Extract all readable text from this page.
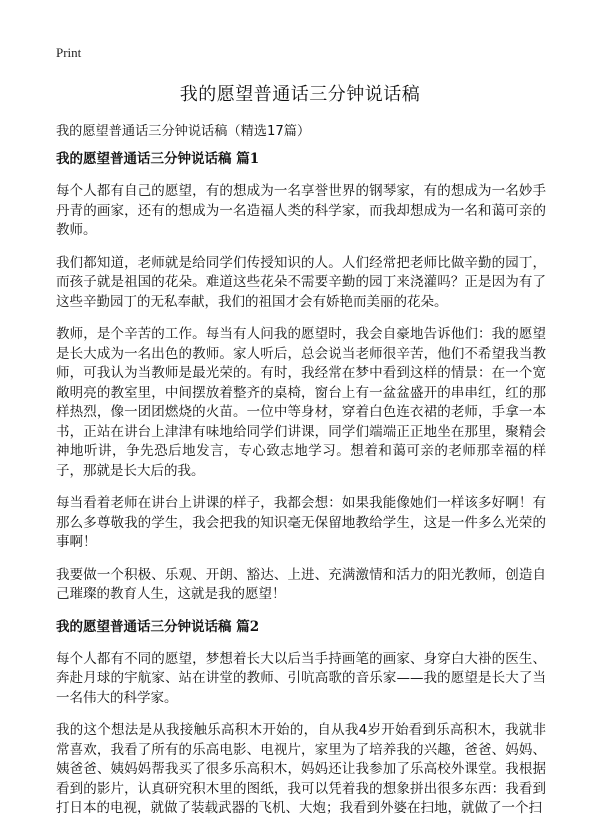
Print
我的愿望普通话三分钟说话稿
我的愿望普通话三分钟说话稿（精选17篇）
我的愿望普通话三分钟说话稿 篇1

每个人都有自己的愿望，有的想成为一名享誉世界的钢琴家，有的想成为一名妙手丹青的画家，还有的想成为一名造福人类的科学家，而我却想成为一名和蔼可亲的教师。

我们都知道，老师就是给同学们传授知识的人。人们经常把老师比做辛勤的园丁，而孩子就是祖国的花朵。难道这些花朵不需要辛勤的园丁来浇灌吗？正是因为有了这些辛勤园丁的无私奉献，我们的祖国才会有娇艳而美丽的花朵。

教师，是个辛苦的工作。每当有人问我的愿望时，我会自豪地告诉他们：我的愿望是长大成为一名出色的教师。家人听后，总会说当老师很辛苦，他们不希望我当教师，可我认为当教师是最光荣的。有时，我经常在梦中看到这样的情景：在一个宽敞明亮的教室里，中间摆放着整齐的桌椅，窗台上有一盆盆盛开的串串红，红的那样热烈，像一团团燃烧的火苗。一位中等身材，穿着白色连衣裙的老师，手拿一本书，正站在讲台上津津有味地给同学们讲课，同学们端端正正地坐在那里，聚精会神地听讲，争先恐后地发言，专心致志地学习。想着和蔼可亲的老师那幸福的样子，那就是长大后的我。

每当看着老师在讲台上讲课的样子，我都会想：如果我能像她们一样该多好啊！有那么多尊敬我的学生，我会把我的知识毫无保留地教给学生，这是一件多么光荣的事啊！

我要做一个积极、乐观、开朗、豁达、上进、充满激情和活力的阳光教师，创造自己璀璨的教育人生，这就是我的愿望！

我的愿望普通话三分钟说话稿 篇2

每个人都有不同的愿望，梦想着长大以后当手持画笔的画家、身穿白大褂的医生、奔赴月球的宇航家、站在讲堂的教师、引吭高歌的音乐家——我的愿望是长大了当一名伟大的科学家。

我的这个想法是从我接触乐高积木开始的，自从我4岁开始看到乐高积木，我就非常喜欢，我看了所有的乐高电影、电视片，家里为了培养我的兴趣，爸爸、妈妈、姨爸爸、姨妈妈帮我买了很多乐高积木，妈妈还让我参加了乐高校外课堂。我根据看到的影片，认真研究积木里的图纸，我可以凭着我的想象拼出很多东西：我看到打日本的电视，就做了装载武器的飞机、大炮；我看到外婆在扫地，就做了一个扫
